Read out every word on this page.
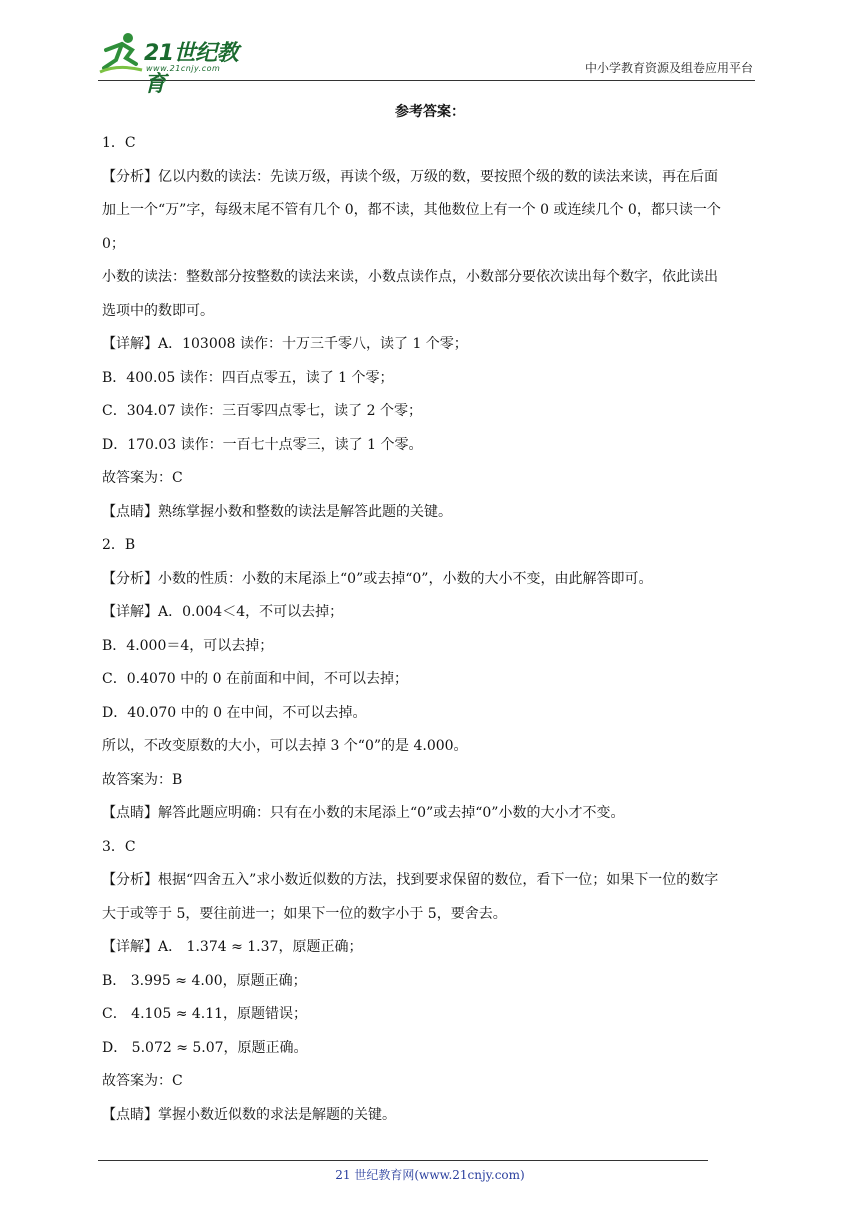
21世纪教育
www.21cnjy.com	中小学教育资源及组卷应用平台
参考答案：

1．C

【分析】亿以内数的读法：先读万级，再读个级，万级的数，要按照个级的数的读法来读，再在后面

加上一个“万”字，每级末尾不管有几个 0，都不读，其他数位上有一个 0 或连续几个 0，都只读一个

0；

小数的读法：整数部分按整数的读法来读，小数点读作点，小数部分要依次读出每个数字，依此读出

选项中的数即可。

【详解】A．103008 读作：十万三千零八，读了 1 个零；

B．400.05 读作：四百点零五，读了 1 个零；

C．304.07 读作：三百零四点零七，读了 2 个零；

D．170.03 读作：一百七十点零三，读了 1 个零。

故答案为：C

【点睛】熟练掌握小数和整数的读法是解答此题的关键。

2．B

【分析】小数的性质：小数的末尾添上“0”或去掉“0”，小数的大小不变，由此解答即可。

【详解】A．0.004＜4，不可以去掉；

B．4.000＝4，可以去掉；

C．0.4070 中的 0 在前面和中间，不可以去掉；

D．40.070 中的 0 在中间，不可以去掉。

所以，不改变原数的大小，可以去掉 3 个“0”的是 4.000。

故答案为：B

【点睛】解答此题应明确：只有在小数的末尾添上“0”或去掉“0”小数的大小才不变。

3．C

【分析】根据“四舍五入”求小数近似数的方法，找到要求保留的数位，看下一位；如果下一位的数字

大于或等于 5，要往前进一；如果下一位的数字小于 5，要舍去。

【详解】A． 1.374 ≈ 1.37，原题正确；

B． 3.995 ≈ 4.00，原题正确；

C． 4.105 ≈ 4.11，原题错误；

D． 5.072 ≈ 5.07，原题正确。

故答案为：C

【点睛】掌握小数近似数的求法是解题的关键。

21 世纪教育网(www.21cnjy.com)
